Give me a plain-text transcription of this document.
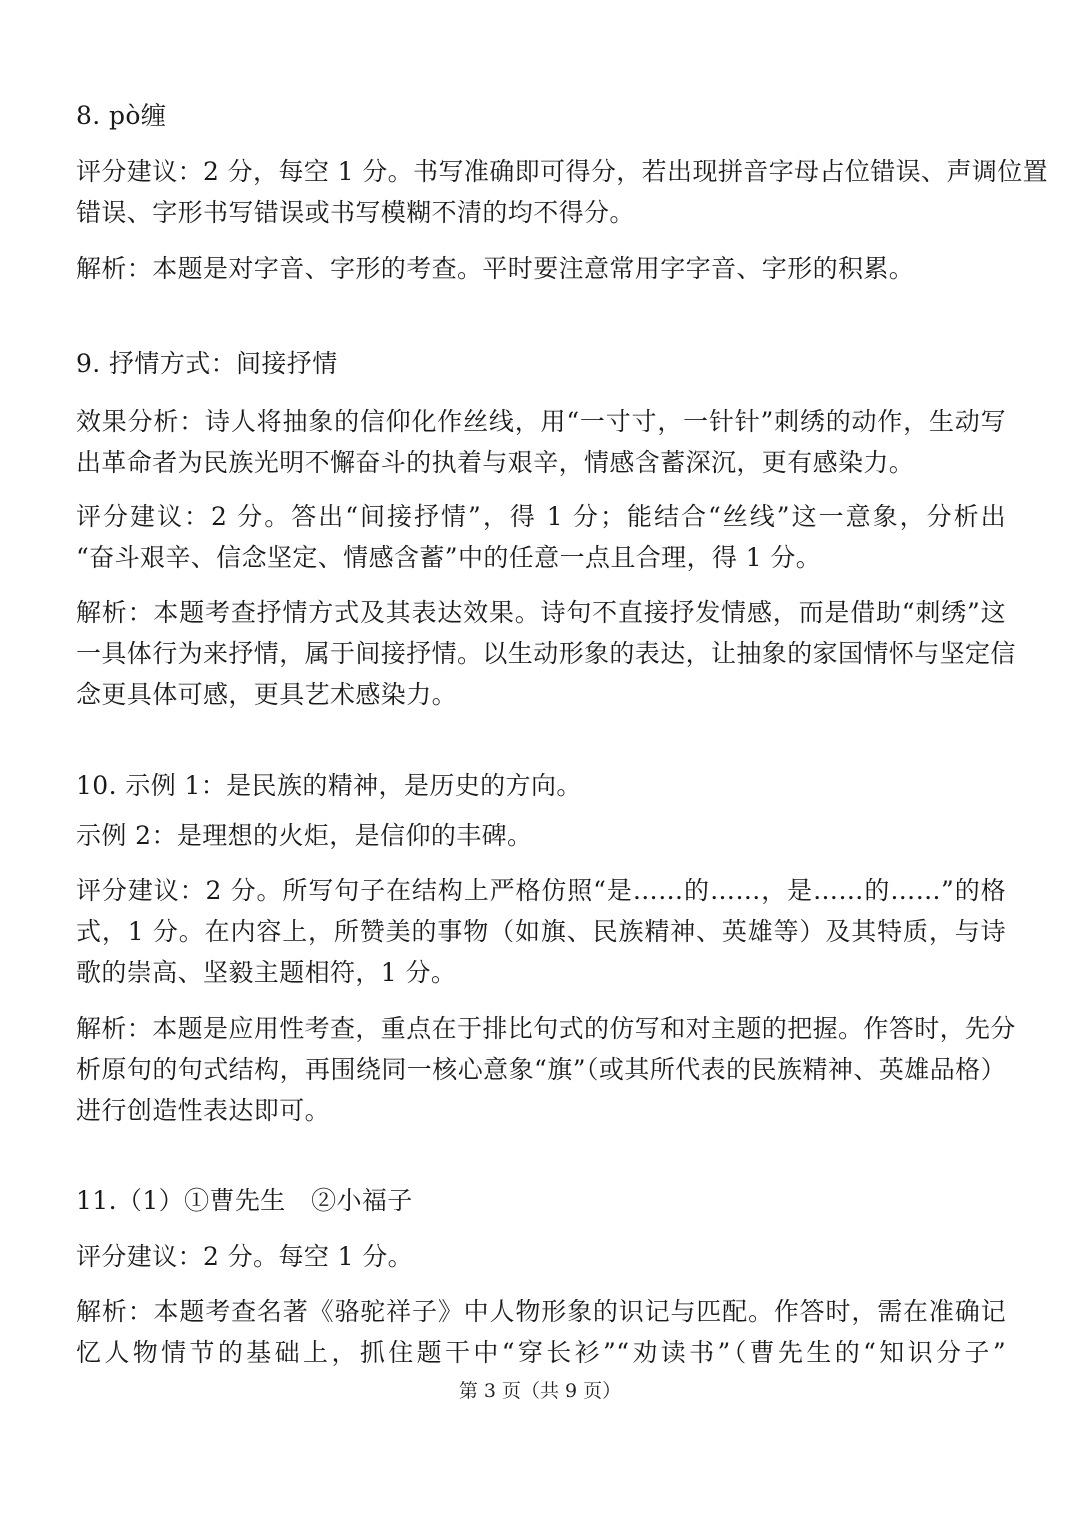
8. pò缠
评分建议：2 分，每空 1 分。书写准确即可得分，若出现拼音字母占位错误、声调位置
错误、字形书写错误或书写模糊不清的均不得分。
解析：本题是对字音、字形的考查。平时要注意常用字字音、字形的积累。
9. 抒情方式：间接抒情
效果分析：诗人将抽象的信仰化作丝线，用“一寸寸，一针针”刺绣的动作，生动写
出革命者为民族光明不懈奋斗的执着与艰辛，情感含蓄深沉，更有感染力。
评分建议：2 分。答出“间接抒情”，得 1 分；能结合“丝线”这一意象，分析出
“奋斗艰辛、信念坚定、情感含蓄”中的任意一点且合理，得 1 分。
解析：本题考查抒情方式及其表达效果。诗句不直接抒发情感，而是借助“刺绣”这
一具体行为来抒情，属于间接抒情。以生动形象的表达，让抽象的家国情怀与坚定信
念更具体可感，更具艺术感染力。
10. 示例 1：是民族的精神，是历史的方向。
示例 2：是理想的火炬，是信仰的丰碑。
评分建议：2 分。所写句子在结构上严格仿照“是……的……，是……的……”的格
式，1 分。在内容上，所赞美的事物（如旗、民族精神、英雄等）及其特质，与诗
歌的崇高、坚毅主题相符，1 分。
解析：本题是应用性考查，重点在于排比句式的仿写和对主题的把握。作答时，先分
析原句的句式结构，再围绕同一核心意象“旗”（或其所代表的民族精神、英雄品格）
进行创造性表达即可。
11.（1）①曹先生　②小福子
评分建议：2 分。每空 1 分。
解析：本题考查名著《骆驼祥子》中人物形象的识记与匹配。作答时，需在准确记
忆人物情节的基础上，抓住题干中“穿长衫”“劝读书”（曹先生的“知识分子”
第 3 页（共 9 页）
